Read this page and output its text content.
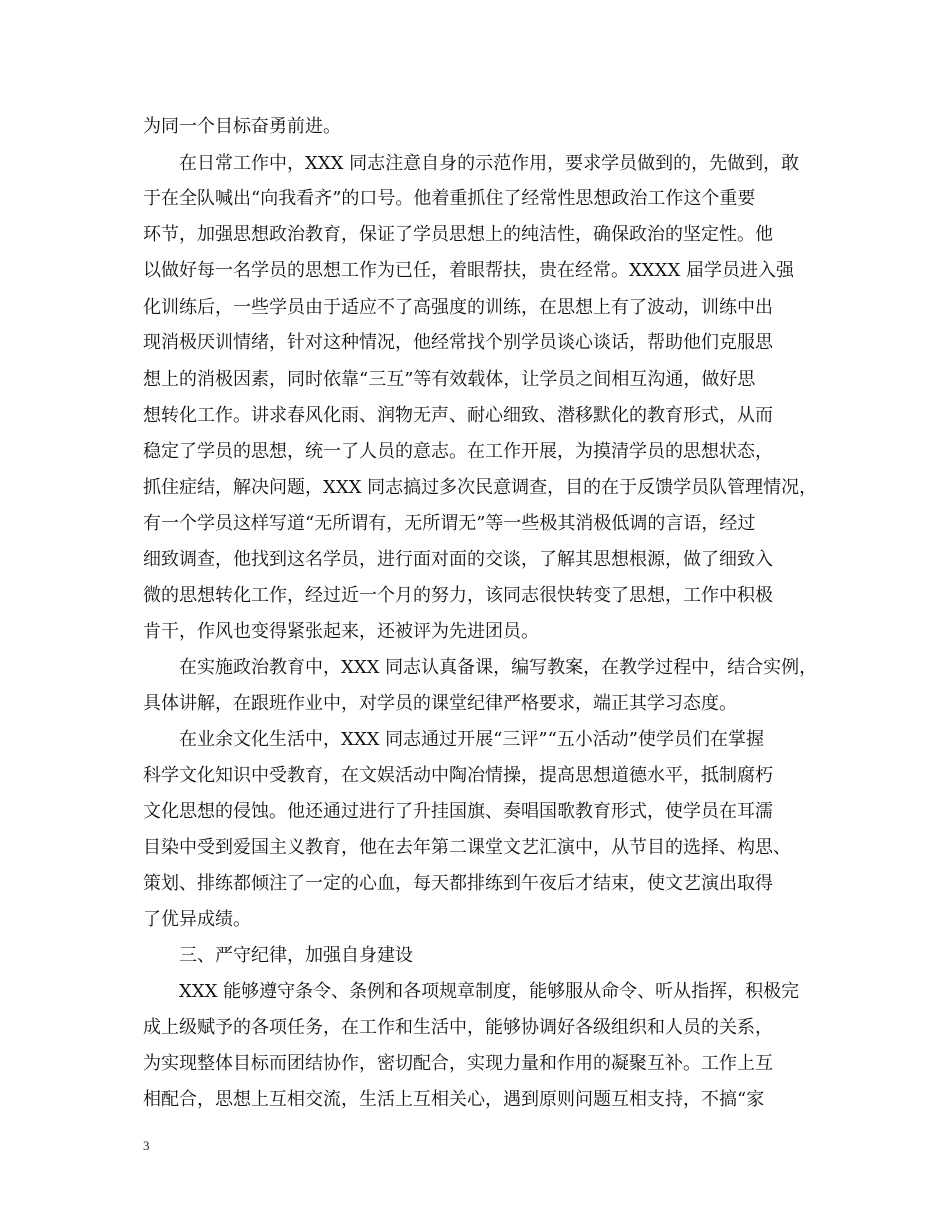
为同一个目标奋勇前进。
在日常工作中，XXX 同志注意自身的示范作用，要求学员做到的，先做到，敢
于在全队喊出“向我看齐”的口号。他着重抓住了经常性思想政治工作这个重要
环节，加强思想政治教育，保证了学员思想上的纯洁性，确保政治的坚定性。他
以做好每一名学员的思想工作为已任，着眼帮扶，贵在经常。XXXX 届学员进入强
化训练后，一些学员由于适应不了高强度的训练，在思想上有了波动，训练中出
现消极厌训情绪，针对这种情况，他经常找个别学员谈心谈话，帮助他们克服思
想上的消极因素，同时依靠“三互”等有效载体，让学员之间相互沟通，做好思
想转化工作。讲求春风化雨、润物无声、耐心细致、潜移默化的教育形式，从而
稳定了学员的思想，统一了人员的意志。在工作开展，为摸清学员的思想状态，
抓住症结，解决问题，XXX 同志搞过多次民意调查，目的在于反馈学员队管理情况，
有一个学员这样写道“无所谓有，无所谓无”等一些极其消极低调的言语，经过
细致调查，他找到这名学员，进行面对面的交谈，了解其思想根源，做了细致入
微的思想转化工作，经过近一个月的努力，该同志很快转变了思想，工作中积极
肯干，作风也变得紧张起来，还被评为先进团员。
在实施政治教育中，XXX 同志认真备课，编写教案，在教学过程中，结合实例，
具体讲解，在跟班作业中，对学员的课堂纪律严格要求，端正其学习态度。
在业余文化生活中，XXX 同志通过开展“三评”“五小活动”使学员们在掌握
科学文化知识中受教育，在文娱活动中陶冶情操，提高思想道德水平，抵制腐朽
文化思想的侵蚀。他还通过进行了升挂国旗、奏唱国歌教育形式，使学员在耳濡
目染中受到爱国主义教育，他在去年第二课堂文艺汇演中，从节目的选择、构思、
策划、排练都倾注了一定的心血，每天都排练到午夜后才结束，使文艺演出取得
了优异成绩。
三、严守纪律，加强自身建设
XXX 能够遵守条令、条例和各项规章制度，能够服从命令、听从指挥，积极完
成上级赋予的各项任务，在工作和生活中，能够协调好各级组织和人员的关系，
为实现整体目标而团结协作，密切配合，实现力量和作用的凝聚互补。工作上互
相配合，思想上互相交流，生活上互相关心，遇到原则问题互相支持，不搞“家
3
